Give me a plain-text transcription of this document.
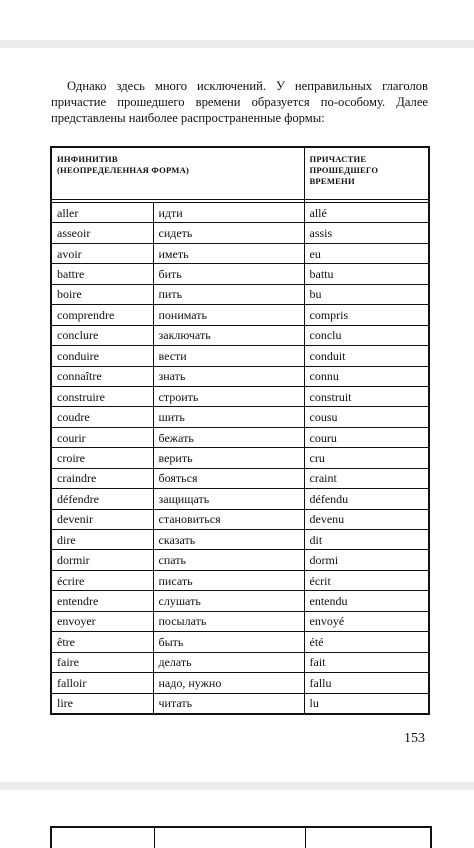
Однако здесь много исключений. У неправильных глаголов причастие прошедшего времени образуется по-особому. Далее представлены наиболее распространенные формы:

ИНФИНИТИВ
(НЕОПРЕДЕЛЕННАЯ ФОРМА)		ПРИЧАСТИЕ
ПРОШЕДШЕГО
ВРЕМЕНИ

aller	идти	allé
asseoir	сидеть	assis
avoir	иметь	eu
battre	бить	battu
boire	пить	bu
comprendre	понимать	compris
conclure	заключать	conclu
conduire	вести	conduit
connaître	знать	connu
construire	строить	construit
coudre	шить	cousu
courir	бежать	couru
croire	верить	cru
craindre	бояться	craint
défendre	защищать	défendu
devenir	становиться	devenu
dire	сказать	dit
dormir	спать	dormi
écrire	писать	écrit
entendre	слушать	entendu
envoyer	посылать	envoyé
être	быть	été
faire	делать	fait
falloir	надо, нужно	fallu
lire	читать	lu
153
